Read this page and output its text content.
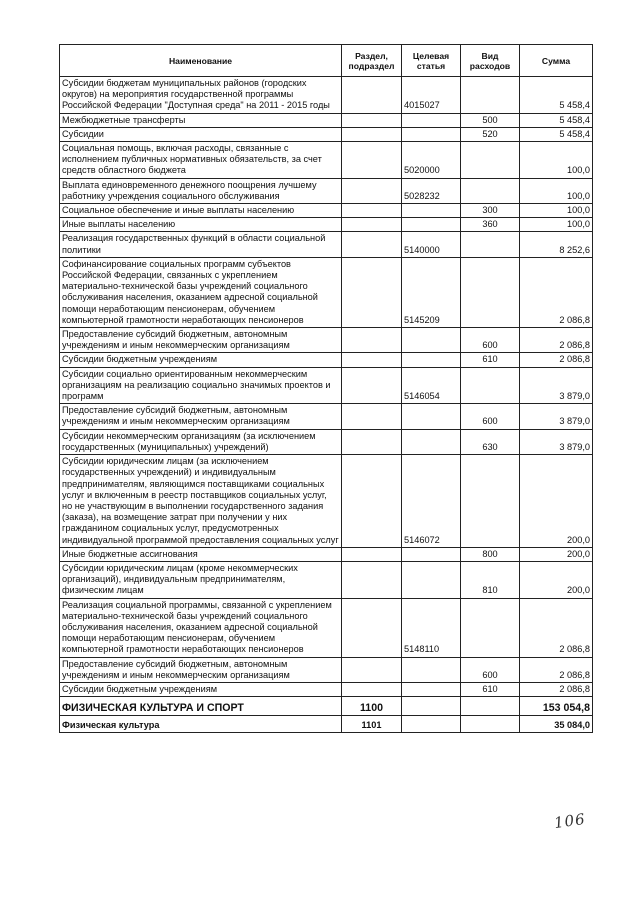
Наименование	Раздел, подраздел	Целевая статья	Вид расходов	Сумма
Субсидии бюджетам муниципальных районов (городских округов) на мероприятия государственной программы Российской Федерации "Доступная среда" на 2011 - 2015 годы		4015027		5 458,4
Межбюджетные трансферты			500	5 458,4
Субсидии			520	5 458,4
Социальная помощь, включая расходы, связанные с исполнением публичных нормативных обязательств, за счет средств областного бюджета		5020000		100,0
Выплата единовременного денежного поощрения лучшему работнику учреждения социального обслуживания		5028232		100,0
Социальное обеспечение и иные выплаты населению			300	100,0
Иные выплаты населению			360	100,0
Реализация государственных функций в области социальной политики		5140000		8 252,6
Софинансирование социальных программ субъектов Российской Федерации, связанных с укреплением материально-технической базы учреждений социального обслуживания населения, оказанием адресной социальной помощи неработающим пенсионерам, обучением компьютерной грамотности неработающих пенсионеров		5145209		2 086,8
Предоставление субсидий бюджетным, автономным учреждениям и иным некоммерческим организациям			600	2 086,8
Субсидии бюджетным учреждениям			610	2 086,8
Субсидии социально ориентированным некоммерческим организациям на реализацию социально значимых проектов и программ		5146054		3 879,0
Предоставление субсидий бюджетным, автономным учреждениям и иным некоммерческим организациям			600	3 879,0
Субсидии некоммерческим организациям (за исключением государственных (муниципальных) учреждений)			630	3 879,0
Субсидии юридическим лицам (за исключением государственных учреждений) и индивидуальным предпринимателям, являющимся поставщиками социальных услуг и включенным в реестр поставщиков социальных услуг, но не участвующим в выполнении государственного задания (заказа), на возмещение затрат при получении у них гражданином социальных услуг, предусмотренных индивидуальной программой предоставления социальных услуг		5146072		200,0
Иные бюджетные ассигнования			800	200,0
Субсидии юридическим лицам (кроме некоммерческих организаций), индивидуальным предпринимателям, физическим лицам			810	200,0
Реализация социальной программы, связанной с укреплением материально-технической базы учреждений социального обслуживания населения, оказанием адресной социальной помощи неработающим пенсионерам, обучением компьютерной грамотности неработающих пенсионеров		5148110		2 086,8
Предоставление субсидий бюджетным, автономным учреждениям и иным некоммерческим организациям			600	2 086,8
Субсидии бюджетным учреждениям			610	2 086,8
ФИЗИЧЕСКАЯ КУЛЬТУРА И СПОРТ	1100			153 054,8
Физическая культура	1101			35 084,0
106
